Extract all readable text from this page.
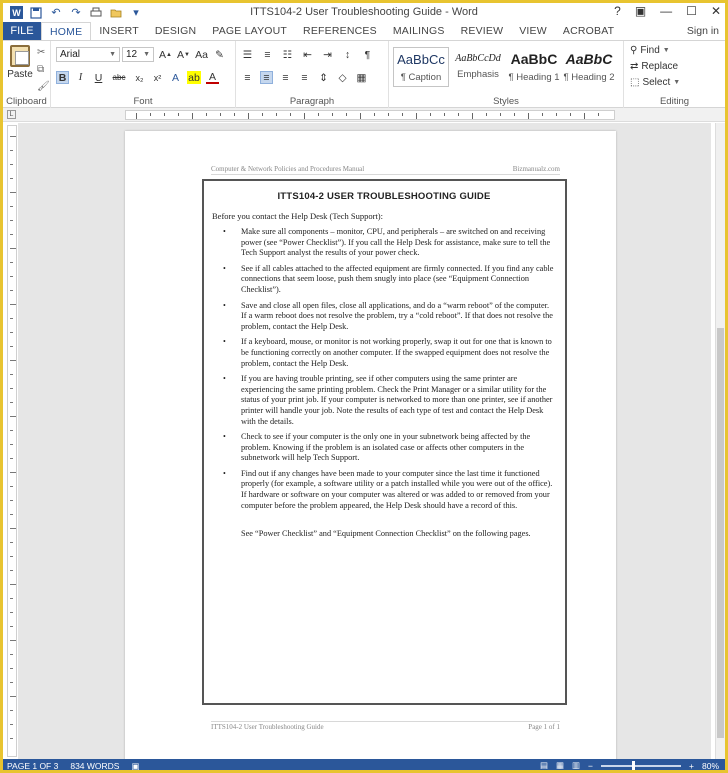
W	↶ ↷	▾	ITTS104-2 User Troubleshooting Guide - Word	? ▣ — ☐ ✕
FILE	HOME	INSERT	DESIGN	PAGE LAYOUT	REFERENCES	MAILINGS	REVIEW	VIEW	ACROBAT	Sign in
Paste
✂
⧉
🖌
Clipboard
Arial	▼ 12 ▼ A ▲ A ▼ Aa ✎
B	I	U	abc x₂	x² A ab A
Font
☰	≡	☷ ⇤ ⇥	↕	¶
≡	≡	≡	≡	⇕ ◇ ▦
Paragraph
AaBbCc
¶ Caption
AaBbCcDd
Emphasis
AaBbC
¶ Heading 1
AaBbC
¶ Heading 2
Styles
⚲ Find ▼
⇄ Replace
⬚ Select ▼
Editing
L
Computer & Network Policies and Procedures Manual	Bizmanualz.com
ITTS104-2 USER TROUBLESHOOTING GUIDE
Before you contact the Help Desk (Tech Support):
• Make sure all components – monitor, CPU, and peripherals – are switched on and receiving power (see “Power Checklist”). If you call the Help Desk for assistance, make sure to tell the Tech Support analyst the results of your power check.
• See if all cables attached to the affected equipment are firmly connected. If you find any cable connections that seem loose, push them snugly into place (see “Equipment Connection Checklist”).
• Save and close all open files, close all applications, and do a “warm reboot” of the computer. If a warm reboot does not resolve the problem, try a “cold reboot”. If that does not resolve the problem, contact the Help Desk.
• If a keyboard, mouse, or monitor is not working properly, swap it out for one that is known to be functioning correctly on another computer. If the swapped equipment does not resolve the problem, contact the Help Desk.
• If you are having trouble printing, see if other computers using the same printer are experiencing the same printing problem. Check the Print Manager or a similar utility for the status of your print job. If your computer is networked to more than one printer, see if another printer will handle your job. Note the results of each type of test and contact the Help Desk with the details.
• Check to see if your computer is the only one in your subnetwork being affected by the problem. Knowing if the problem is an isolated case or affects other computers in the subnetwork will help Tech Support.
• Find out if any changes have been made to your computer since the last time it functioned properly (for example, a software utility or a patch installed while you were out of the office). If hardware or software on your computer was altered or was added to or removed from your computer before the problem appeared, the Help Desk should have a record of this.
See “Power Checklist” and “Equipment Connection Checklist” on the following pages.
ITTS104-2 User Troubleshooting Guide	Page 1 of 1
PAGE 1 OF 3 834 WORDS ▣	▤ ▦ ▥ −	+ 80%
